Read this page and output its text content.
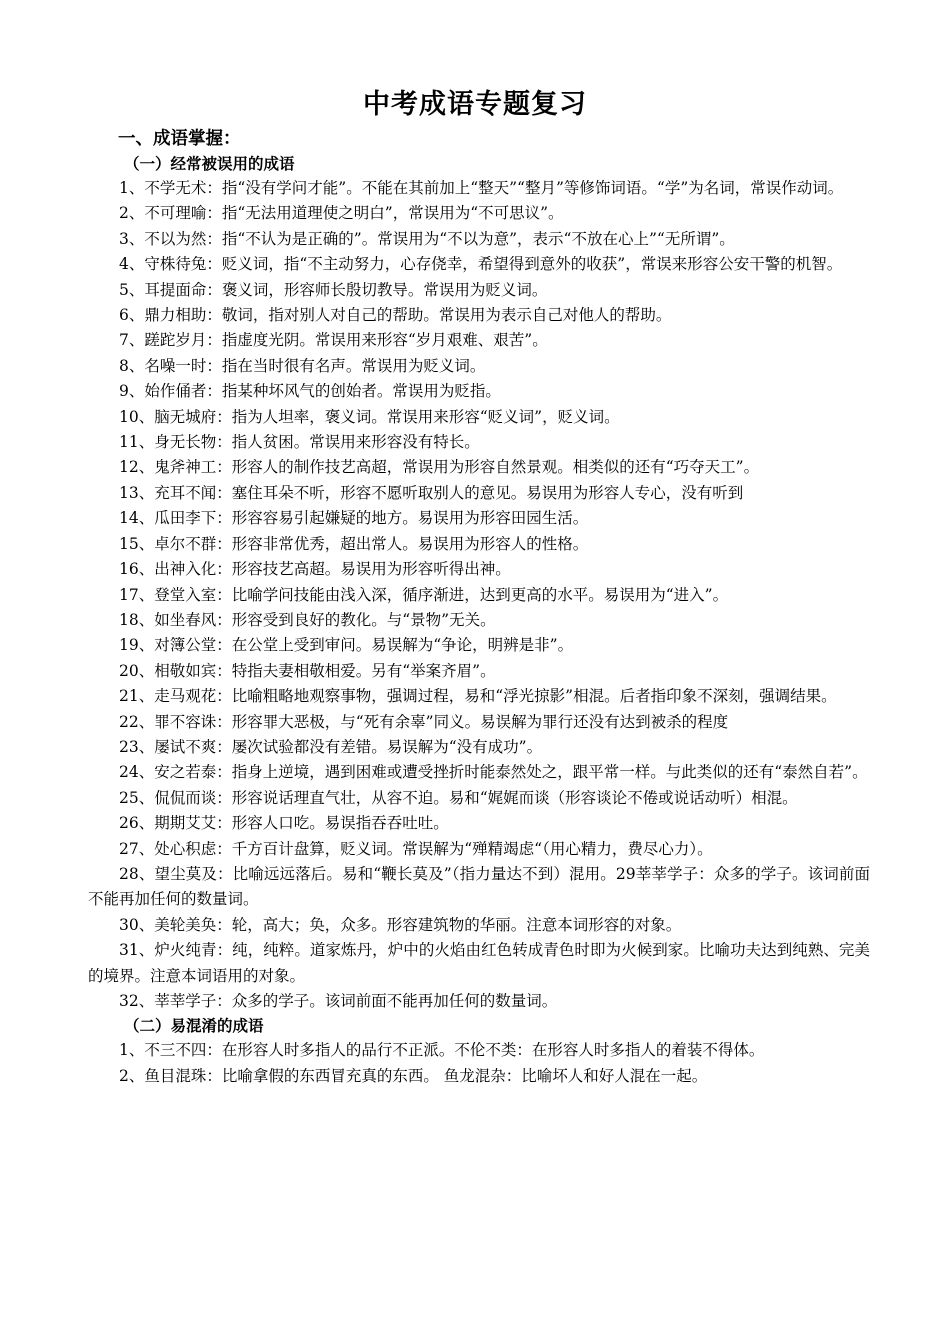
中考成语专题复习
一、成语掌握：
（一）经常被误用的成语

1、不学无术：指“没有学问才能”。不能在其前加上“整天”“整月”等修饰词语。“学”为名词，常误作动词。

2、不可理喻：指“无法用道理使之明白”，常误用为“不可思议”。

3、不以为然：指“不认为是正确的”。常误用为“不以为意”，表示“不放在心上”“无所谓”。

4、守株待兔：贬义词，指“不主动努力，心存侥幸，希望得到意外的收获”，常误来形容公安干警的机智。

5、耳提面命：褒义词，形容师长殷切教导。常误用为贬义词。

6、鼎力相助：敬词，指对别人对自己的帮助。常误用为表示自己对他人的帮助。

7、蹉跎岁月：指虚度光阴。常误用来形容“岁月艰难、艰苦”。

8、名噪一时：指在当时很有名声。常误用为贬义词。

9、始作俑者：指某种坏风气的创始者。常误用为贬指。

10、脑无城府：指为人坦率，褒义词。常误用来形容“贬义词”，贬义词。

11、身无长物：指人贫困。常误用来形容没有特长。

12、鬼斧神工：形容人的制作技艺高超，常误用为形容自然景观。相类似的还有“巧夺天工”。

13、充耳不闻：塞住耳朵不听，形容不愿听取别人的意见。易误用为形容人专心，没有听到

14、瓜田李下：形容容易引起嫌疑的地方。易误用为形容田园生活。

15、卓尔不群：形容非常优秀，超出常人。易误用为形容人的性格。

16、出神入化：形容技艺高超。易误用为形容听得出神。

17、登堂入室：比喻学问技能由浅入深，循序渐进，达到更高的水平。易误用为“进入”。

18、如坐春风：形容受到良好的教化。与“景物”无关。

19、对簿公堂：在公堂上受到审问。易误解为“争论，明辨是非”。

20、相敬如宾：特指夫妻相敬相爱。另有“举案齐眉”。

21、走马观花：比喻粗略地观察事物，强调过程，易和“浮光掠影”相混。后者指印象不深刻，强调结果。

22、罪不容诛：形容罪大恶极，与“死有余辜”同义。易误解为罪行还没有达到被杀的程度

23、屡试不爽：屡次试验都没有差错。易误解为“没有成功”。

24、安之若泰：指身上逆境，遇到困难或遭受挫折时能泰然处之，跟平常一样。与此类似的还有“泰然自若”。

25、侃侃而谈：形容说话理直气壮，从容不迫。易和“娓娓而谈（形容谈论不倦或说话动听）相混。

26、期期艾艾：形容人口吃。易误指吞吞吐吐。

27、处心积虑：千方百计盘算，贬义词。常误解为“殚精竭虑“（用心精力，费尽心力）。

28、望尘莫及：比喻远远落后。易和“鞭长莫及”（指力量达不到）混用。29莘莘学子：众多的学子。该词前面不能再加任何的数量词。

30、美轮美奂：轮，高大；奂，众多。形容建筑物的华丽。注意本词形容的对象。

31、炉火纯青：纯，纯粹。道家炼丹，炉中的火焰由红色转成青色时即为火候到家。比喻功夫达到纯熟、完美的境界。注意本词语用的对象。

32、莘莘学子：众多的学子。该词前面不能再加任何的数量词。

（二）易混淆的成语

1、不三不四：在形容人时多指人的品行不正派。不伦不类：在形容人时多指人的着装不得体。

2、鱼目混珠：比喻拿假的东西冒充真的东西。 鱼龙混杂：比喻坏人和好人混在一起。
